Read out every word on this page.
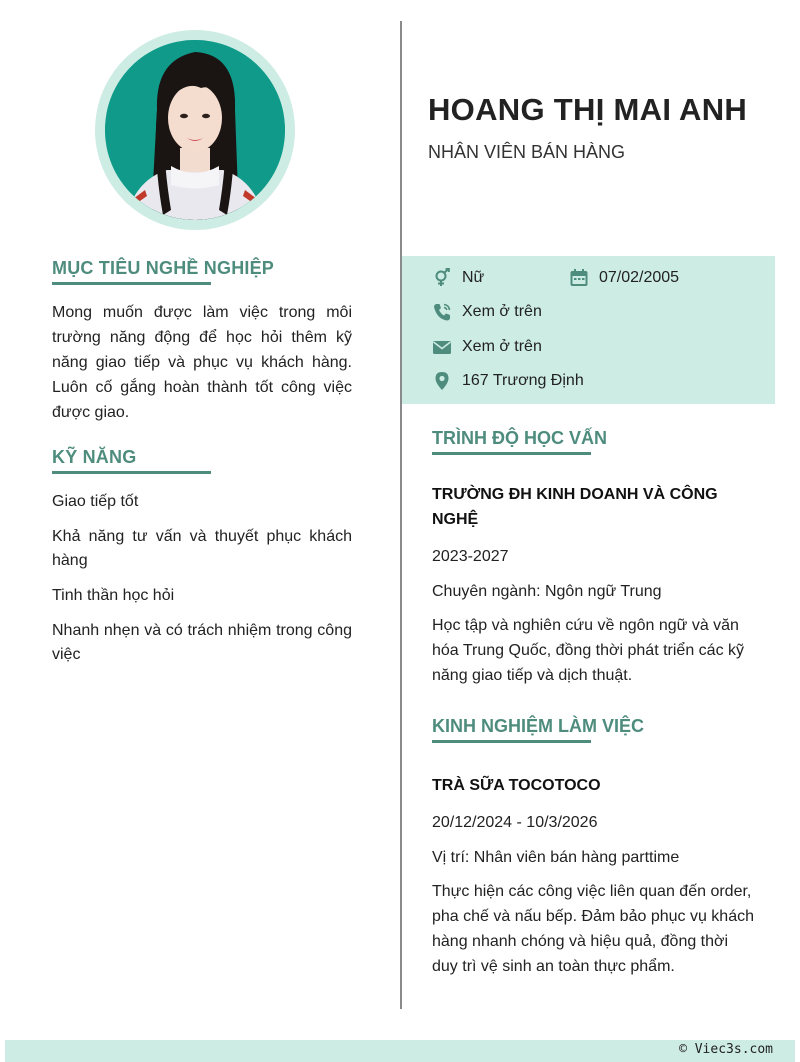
MỤC TIÊU NGHỀ NGHIỆP
Mong muốn được làm việc trong môi trường năng động để học hỏi thêm kỹ năng giao tiếp và phục vụ khách hàng. Luôn cố gắng hoàn thành tốt công việc được giao.
KỸ NĂNG
Giao tiếp tốt
Khả năng tư vấn và thuyết phục khách hàng
Tinh thần học hỏi
Nhanh nhẹn và có trách nhiệm trong công việc
HOANG THỊ MAI ANH
NHÂN VIÊN BÁN HÀNG
Nữ	07/02/2005
Xem ở trên
Xem ở trên
167 Trương Định
TRÌNH ĐỘ HỌC VẤN
TRƯỜNG ĐH KINH DOANH VÀ CÔNG NGHỆ
2023-2027
Chuyên ngành: Ngôn ngữ Trung
Học tập và nghiên cứu về ngôn ngữ và văn hóa Trung Quốc, đồng thời phát triển các kỹ năng giao tiếp và dịch thuật.
KINH NGHIỆM LÀM VIỆC
TRÀ SỮA TOCOTOCO
20/12/2024 - 10/3/2026
Vị trí: Nhân viên bán hàng parttime
Thực hiện các công việc liên quan đến order, pha chế và nấu bếp. Đảm bảo phục vụ khách hàng nhanh chóng và hiệu quả, đồng thời duy trì vệ sinh an toàn thực phẩm.
© Viec3s.com
